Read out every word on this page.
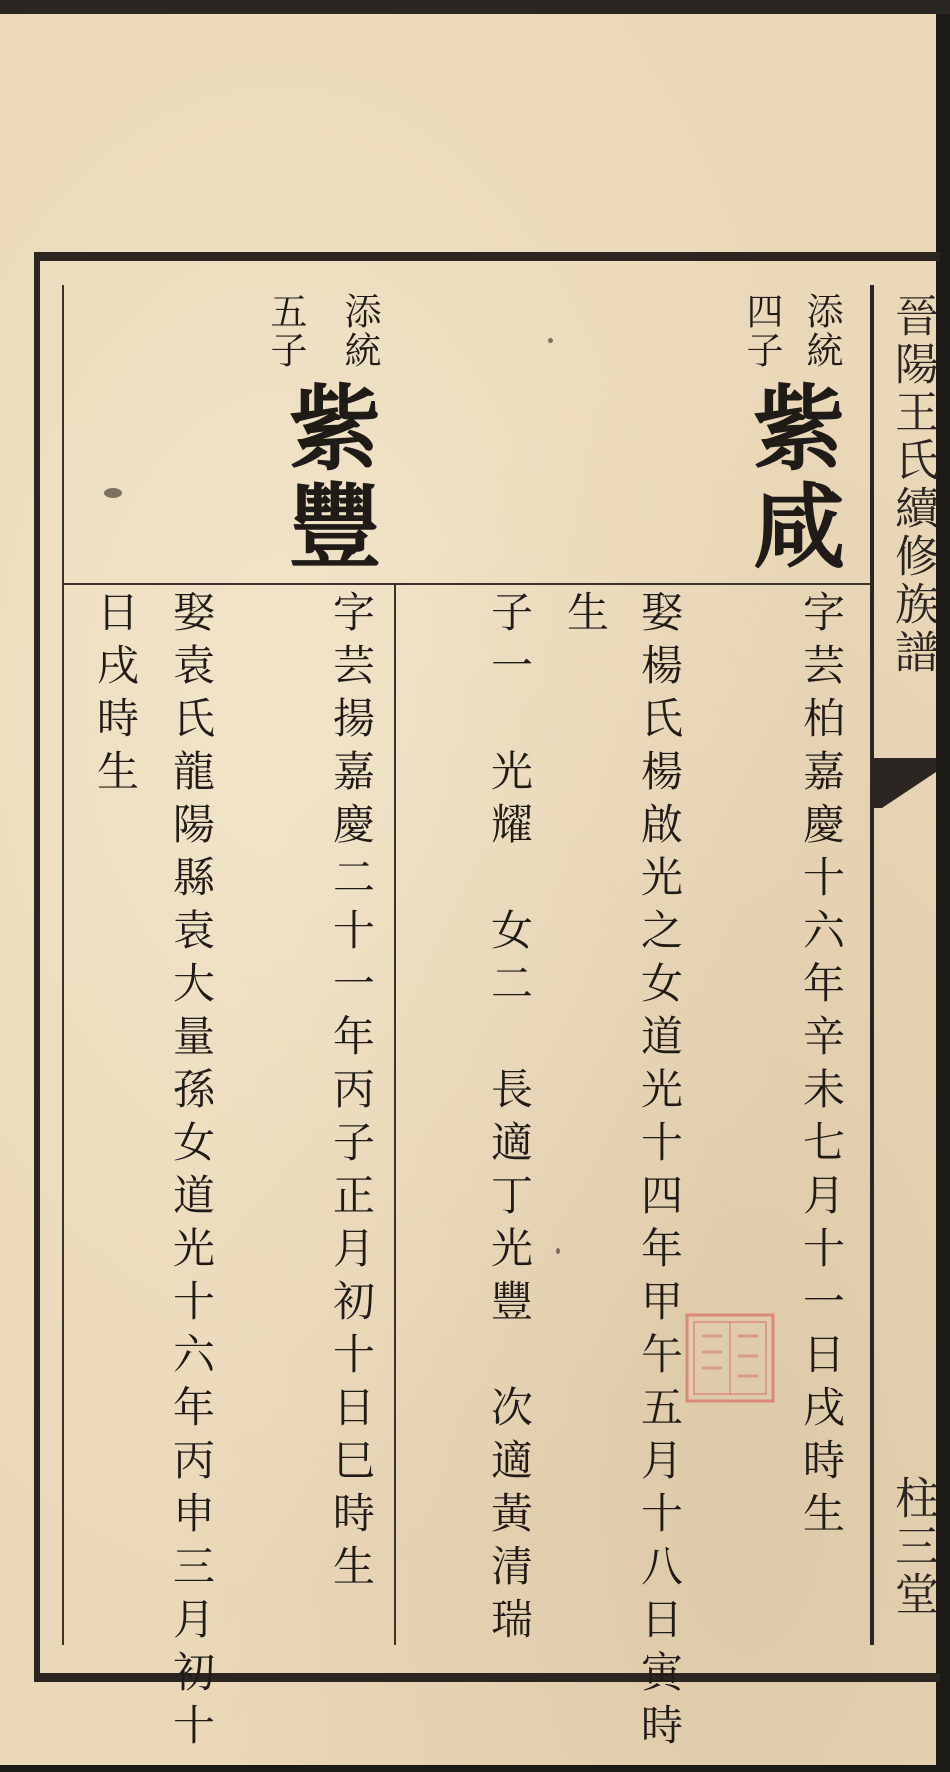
晉陽王氏續修族譜
柱三堂
添統
四子
紫咸
字芸柏嘉慶十六年辛未七月十一日戌時生
娶楊氏楊啟光之女道光十四年甲午五月十八日寅時
生
子一　光耀　女二　長適丁光豐　次適黃清瑞
添統
五子
紫豐
字芸揚嘉慶二十一年丙子正月初十日巳時生
娶袁氏龍陽縣袁大量孫女道光十六年丙申三月初十
日戌時生
